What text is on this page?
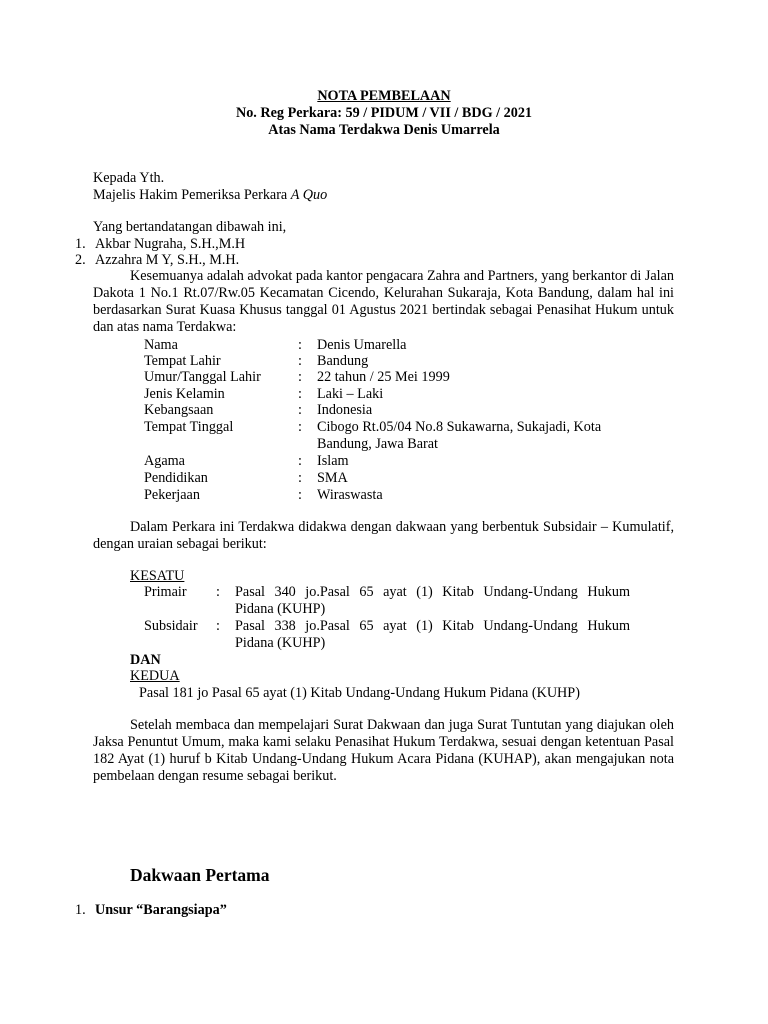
NOTA PEMBELAAN
No. Reg Perkara: 59 / PIDUM / VII / BDG / 2021
Atas Nama Terdakwa Denis Umarrela
Kepada Yth.
Majelis Hakim Pemeriksa Perkara A Quo
Yang bertandatangan dibawah ini,
1. Akbar Nugraha, S.H.,M.H
2. Azzahra M Y, S.H., M.H.
Kesemuanya adalah advokat pada kantor pengacara Zahra and Partners, yang berkantor di Jalan Dakota 1 No.1 Rt.07/Rw.05 Kecamatan Cicendo, Kelurahan Sukaraja, Kota Bandung, dalam hal ini berdasarkan Surat Kuasa Khusus tanggal 01 Agustus 2021 bertindak sebagai Penasihat Hukum untuk dan atas nama Terdakwa:
Nama	: Denis Umarella
Tempat Lahir	: Bandung
Umur/Tanggal Lahir	: 22 tahun / 25 Mei 1999
Jenis Kelamin	: Laki – Laki
Kebangsaan	: Indonesia
Tempat Tinggal	: Cibogo Rt.05/04 No.8 Sukawarna, Sukajadi, Kota
Bandung, Jawa Barat
Agama	: Islam
Pendidikan	: SMA
Pekerjaan	: Wiraswasta
Dalam Perkara ini Terdakwa didakwa dengan dakwaan yang berbentuk Subsidair – Kumulatif, dengan uraian sebagai berikut:
KESATU
Primair : Pasal 340 jo.Pasal 65 ayat (1) Kitab Undang-Undang Hukum
Pidana (KUHP)
Subsidair : Pasal 338 jo.Pasal 65 ayat (1) Kitab Undang-Undang Hukum
Pidana (KUHP)
DAN
KEDUA
Pasal 181 jo Pasal 65 ayat (1) Kitab Undang-Undang Hukum Pidana (KUHP)
Setelah membaca dan mempelajari Surat Dakwaan dan juga Surat Tuntutan yang diajukan oleh Jaksa Penuntut Umum, maka kami selaku Penasihat Hukum Terdakwa, sesuai dengan ketentuan Pasal 182 Ayat (1) huruf b Kitab Undang-Undang Hukum Acara Pidana (KUHAP), akan mengajukan nota pembelaan dengan resume sebagai berikut.
Dakwaan Pertama
1. Unsur “Barangsiapa”
